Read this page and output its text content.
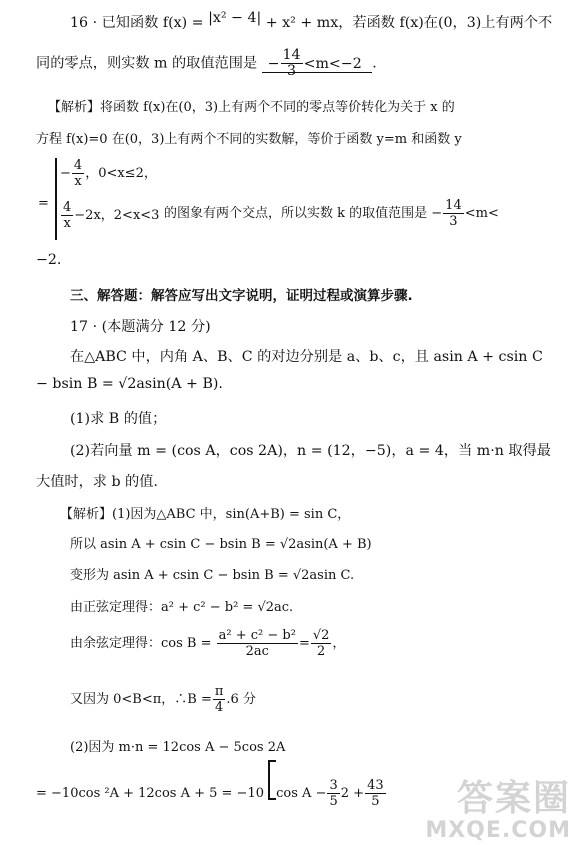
16 · 已知函数 f(x) = |x² − 4| + x² + mx，若函数 f(x)在(0，3)上有两个不
同的零点，则实数 m 的取值范围是 − $\frac{14}{3} <m<-2$ .
【解析】将函数 f(x)在(0，3)上有两个不同的零点等价转化为关于 x 的
方程 f(x)=0 在(0，3)上有两个不同的实数解，等价于函数 y=m 和函数 y
=
− $\frac{4}{x}$ ，0<x≤2，
$\frac{4}{x} -2x$，2<x<3 的图象有两个交点，所以实数 k 的取值范围是 − $\frac{14}{3} <m<$
−2.
三、解答题：解答应写出文字说明，证明过程或演算步骤.
17 · (本题满分 12 分)
在△ABC 中，内角 A、B、C 的对边分别是 a、b、c，且 asin A + csin C
− bsin B = √2asin(A + B).
(1)求 B 的值；
(2)若向量 m = (cos A，cos 2A)，n = (12，−5)，a = 4，当 m·n 取得最
大值时，求 b 的值.
【解析】(1)因为△ABC 中，sin(A+B) = sin C，
所以 asin A + csin C − bsin B = √2asin(A + B)
变形为 asin A + csin C − bsin B = √2asin C.
由正弦定理得：a² + c² − b² = √2ac.
由余弦定理得：$\cos B = \frac{\text{a² + c² − b²}}{2ac} = \frac{√2}{2}$ ，
又因为 0<B<π，∴B = $\frac{\pi}{4} .6$ 分
(2)因为 m·n = 12cos A − 5cos 2A
= −10cos ²A + 12cos A + 5 = −10 $\cos A - \frac{3}{5} 2 + \frac{43}{5}$ 答案圈
MXQE.COM
